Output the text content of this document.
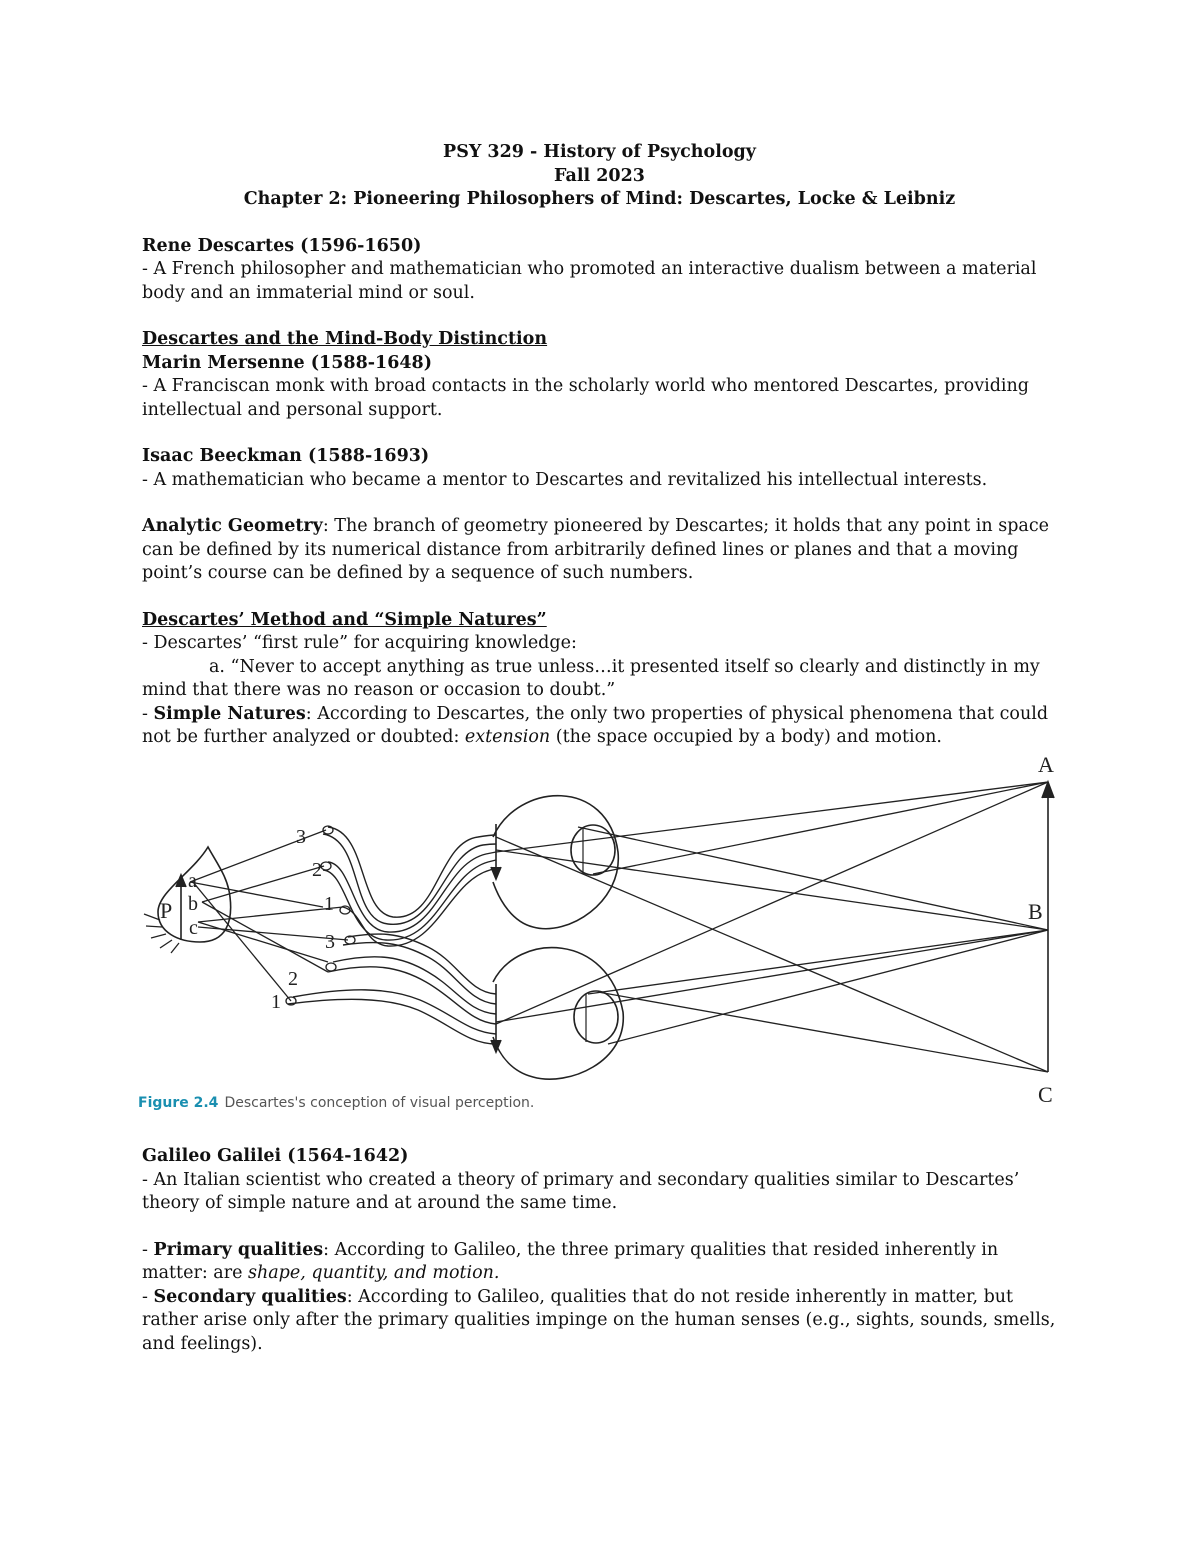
PSY 329 - History of Psychology
Fall 2023
Chapter 2: Pioneering Philosophers of Mind: Descartes, Locke & Leibniz

Rene Descartes (1596-1650)

- A French philosopher and mathematician who promoted an interactive dualism between a material body and an immaterial mind or soul.

Descartes and the Mind-Body Distinction

Marin Mersenne (1588-1648)

- A Franciscan monk with broad contacts in the scholarly world who mentored Descartes, providing intellectual and personal support.

Isaac Beeckman (1588-1693)

- A mathematician who became a mentor to Descartes and revitalized his intellectual interests.

Analytic Geometry: The branch of geometry pioneered by Descartes; it holds that any point in space can be defined by its numerical distance from arbitrarily defined lines or planes and that a moving point’s course can be defined by a sequence of such numbers.

Descartes’ Method and “Simple Natures”

- Descartes’ “first rule” for acquiring knowledge:

a. “Never to accept anything as true unless…it presented itself so clearly and distinctly in my

mind that there was no reason or occasion to doubt.”

- Simple Natures: According to Descartes, the only two properties of physical phenomena that could not be further analyzed or doubted: extension (the space occupied by a body) and motion.

A
B
C
P
a
b
c
3
2
1
3
2
1
Figure 2.4 Descartes's conception of visual perception.

Galileo Galilei (1564-1642)

- An Italian scientist who created a theory of primary and secondary qualities similar to Descartes’ theory of simple nature and at around the same time.

- Primary qualities: According to Galileo, the three primary qualities that resided inherently in matter: are shape, quantity, and motion.

- Secondary qualities: According to Galileo, qualities that do not reside inherently in matter, but rather arise only after the primary qualities impinge on the human senses (e.g., sights, sounds, smells, and feelings).
